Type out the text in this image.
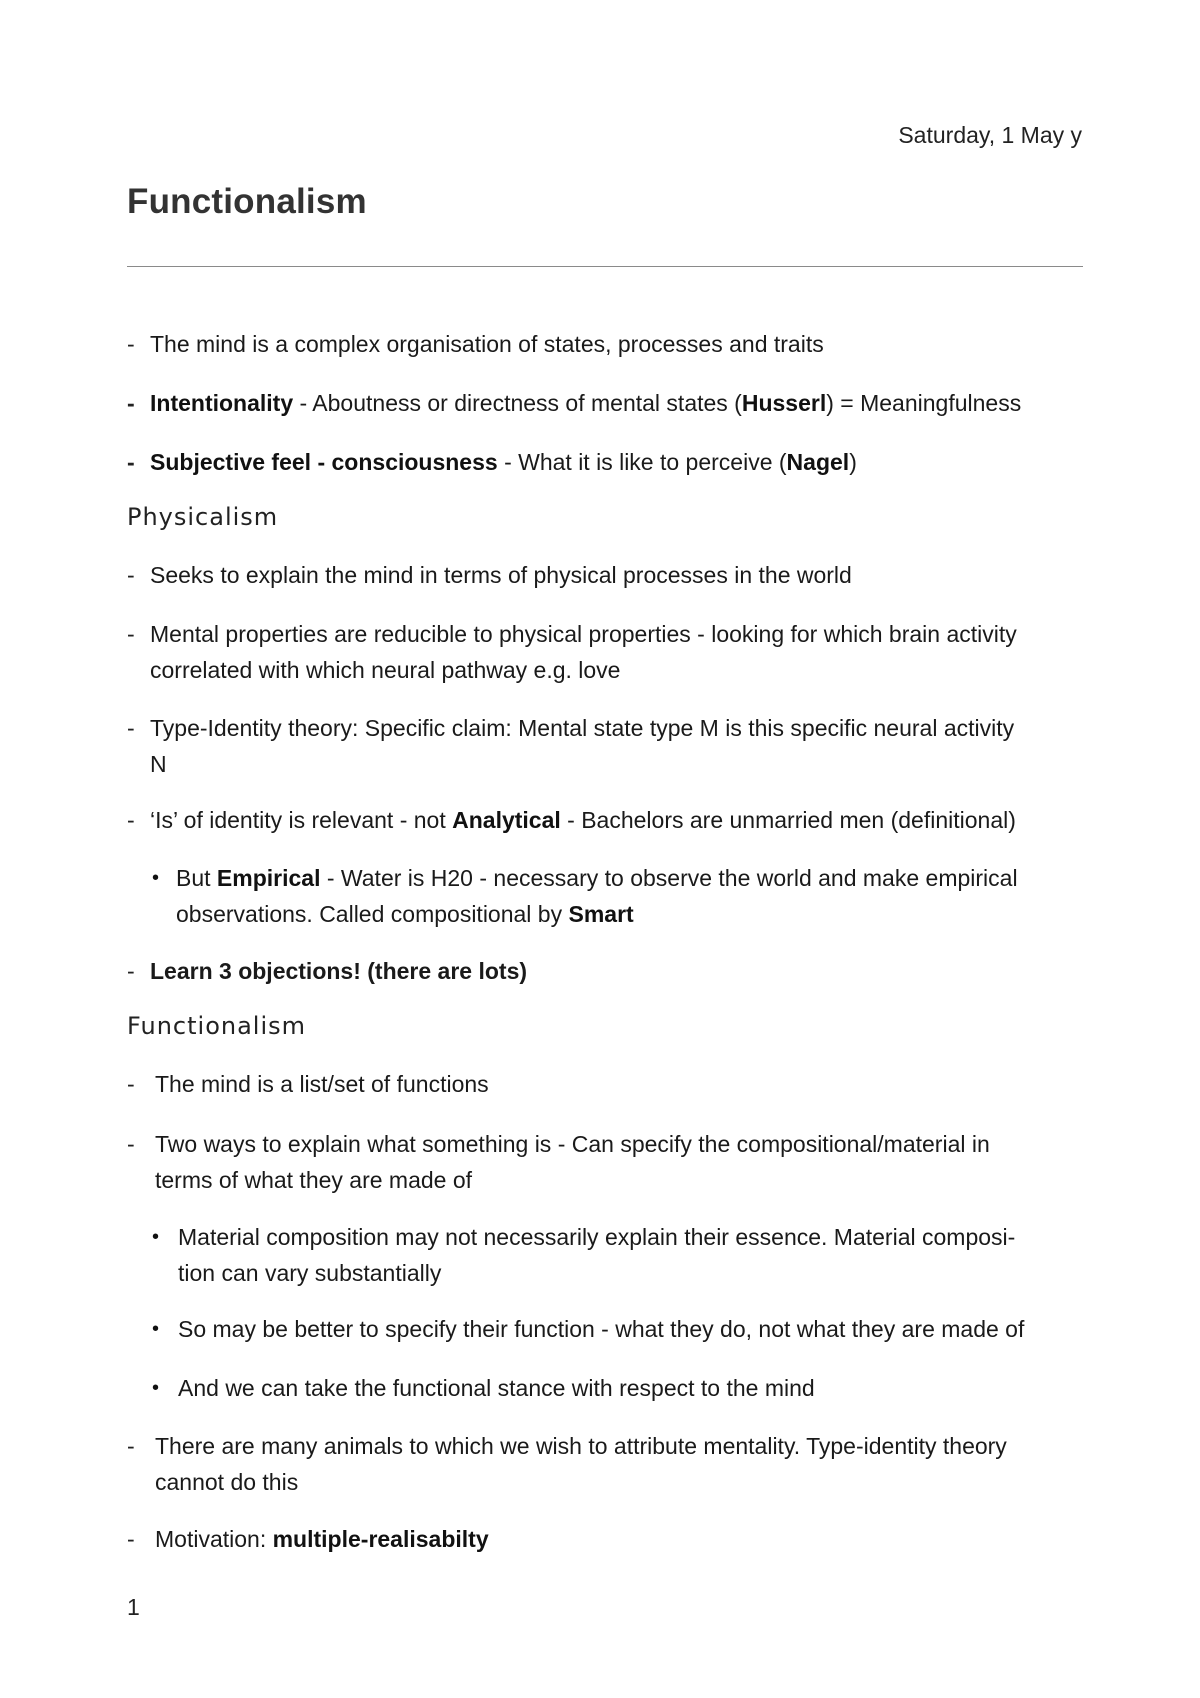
Saturday, 1 May y
Functionalism
- The mind is a complex organisation of states, processes and traits
- Intentionality - Aboutness or directness of mental states (Husserl) = Meaningfulness
- Subjective feel - consciousness - What it is like to perceive (Nagel)
Physicalism
- Seeks to explain the mind in terms of physical processes in the world
- Mental properties are reducible to physical properties - looking for which brain activity
correlated with which neural pathway e.g. love
- Type-Identity theory: Specific claim: Mental state type M is this specific neural activity
N
- ‘Is’ of identity is relevant - not Analytical - Bachelors are unmarried men (definitional)
• But Empirical - Water is H20 - necessary to observe the world and make empirical
observations. Called compositional by Smart
- Learn 3 objections! (there are lots)
Functionalism
- The mind is a list/set of functions
- Two ways to explain what something is - Can specify the compositional/material in
terms of what they are made of
• Material composition may not necessarily explain their essence. Material composi-
tion can vary substantially
• So may be better to specify their function - what they do, not what they are made of
• And we can take the functional stance with respect to the mind
- There are many animals to which we wish to attribute mentality. Type-identity theory
cannot do this
- Motivation: multiple-realisabilty
1
